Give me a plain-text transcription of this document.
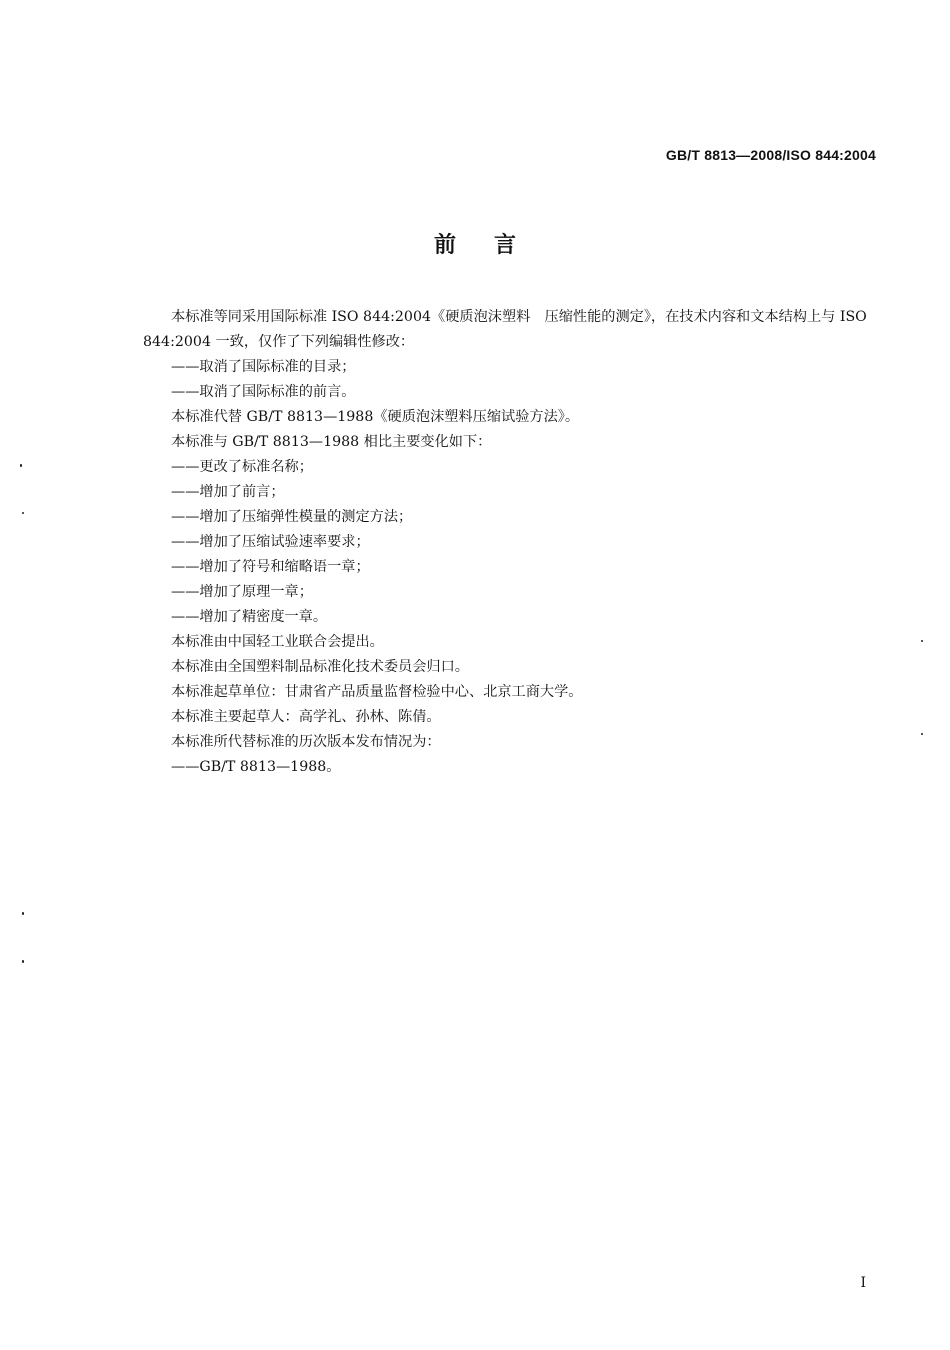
GB/T 8813—2008/ISO 844:2004
前言

本标准等同采用国际标准 ISO 844:2004《硬质泡沫塑料　压缩性能的测定》，在技术内容和文本结构上与 ISO 844:2004 一致，仅作了下列编辑性修改：

——取消了国际标准的目录；

——取消了国际标准的前言。

本标准代替 GB/T 8813—1988《硬质泡沫塑料压缩试验方法》。

本标准与 GB/T 8813—1988 相比主要变化如下：

——更改了标准名称；

——增加了前言；

——增加了压缩弹性模量的测定方法；

——增加了压缩试验速率要求；

——增加了符号和缩略语一章；

——增加了原理一章；

——增加了精密度一章。

本标准由中国轻工业联合会提出。

本标准由全国塑料制品标准化技术委员会归口。

本标准起草单位：甘肃省产品质量监督检验中心、北京工商大学。

本标准主要起草人：高学礼、孙林、陈倩。

本标准所代替标准的历次版本发布情况为：

——GB/T 8813—1988。

I
